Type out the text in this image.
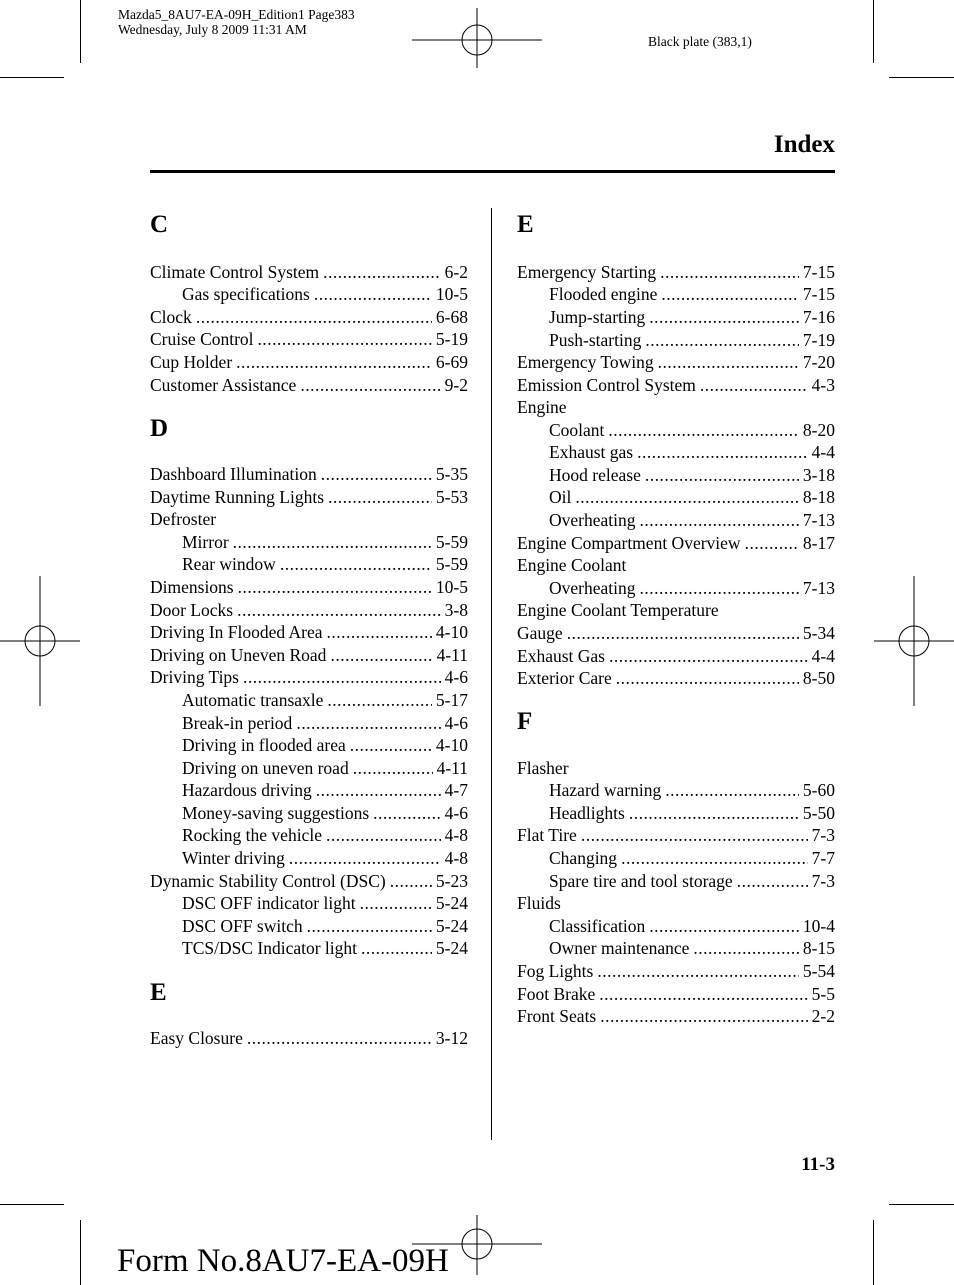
Mazda5_8AU7-EA-09H_Edition1 Page383
Wednesday, July 8 2009 11:31 AM
Black plate (383,1)
Index
C
Climate Control System .....	6-2
Gas specifications .....	10-5
Clock .....	6-68
Cruise Control .....	5-19
Cup Holder .....	6-69
Customer Assistance .....	9-2
D
Dashboard Illumination .....	5-35
Daytime Running Lights .....	5-53
Defroster
Mirror .....	5-59
Rear window .....	5-59
Dimensions .....	10-5
Door Locks .....	3-8
Driving In Flooded Area .....	4-10
Driving on Uneven Road .....	4-11
Driving Tips .....	4-6
Automatic transaxle .....	5-17
Break-in period .....	4-6
Driving in flooded area .....	4-10
Driving on uneven road .....	4-11
Hazardous driving .....	4-7
Money-saving suggestions .....	4-6
Rocking the vehicle .....	4-8
Winter driving .....	4-8
Dynamic Stability Control (DSC) .....	5-23
DSC OFF indicator light .....	5-24
DSC OFF switch .....	5-24
TCS/DSC Indicator light .....	5-24
E
Easy Closure .....	3-12
E
Emergency Starting .....	7-15
Flooded engine .....	7-15
Jump-starting .....	7-16
Push-starting .....	7-19
Emergency Towing .....	7-20
Emission Control System .....	4-3
Engine
Coolant .....	8-20
Exhaust gas .....	4-4
Hood release .....	3-18
Oil .....	8-18
Overheating .....	7-13
Engine Compartment Overview .....	8-17
Engine Coolant
Overheating .....	7-13
Engine Coolant Temperature
Gauge .....	5-34
Exhaust Gas .....	4-4
Exterior Care .....	8-50
F
Flasher
Hazard warning .....	5-60
Headlights .....	5-50
Flat Tire .....	7-3
Changing .....	7-7
Spare tire and tool storage .....	7-3
Fluids
Classification .....	10-4
Owner maintenance .....	8-15
Fog Lights .....	5-54
Foot Brake .....	5-5
Front Seats .....	2-2
11-3
Form No.8AU7-EA-09H
